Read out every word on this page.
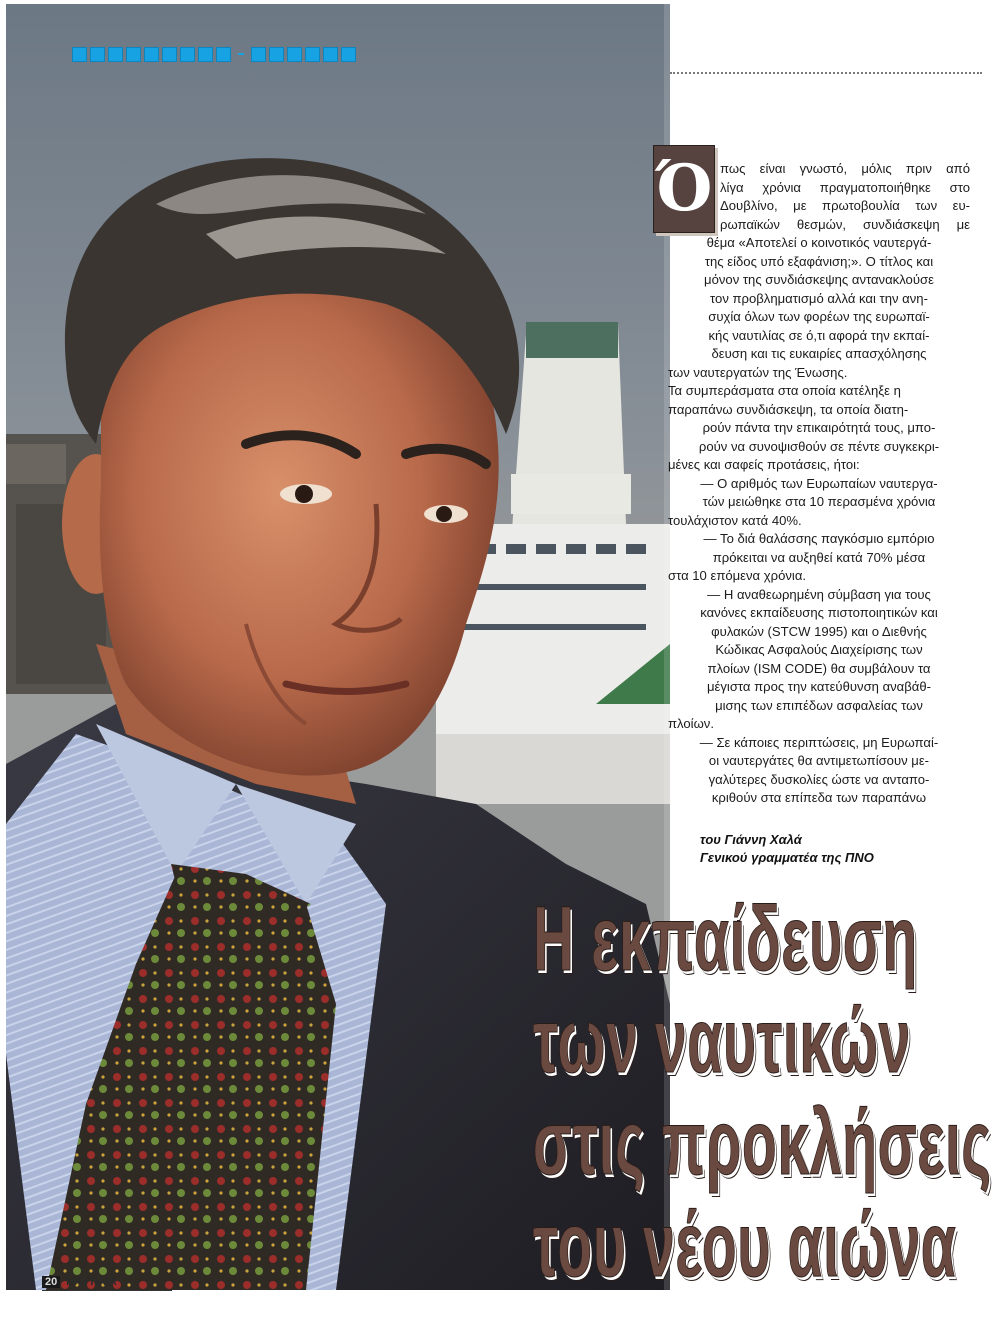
Ό πως είναι γνωστό, μόλις πριν από
λίγα χρόνια πραγματοποιήθηκε στο
Δουβλίνο, με πρωτοβουλία των ευ-
ρωπαϊκών θεσμών, συνδιάσκεψη με
θέμα «Αποτελεί ο κοινοτικός ναυτεργά-
της είδος υπό εξαφάνιση;». Ο τίτλος και
μόνον της συνδιάσκεψης αντανακλούσε
τον προβληματισμό αλλά και την ανη-
συχία όλων των φορέων της ευρωπαϊ-
κής ναυτιλίας σε ό,τι αφορά την εκπαί-
δευση και τις ευκαιρίες απασχόλησης
των ναυτεργατών της Ένωσης.
Τα συμπεράσματα στα οποία κατέληξε η
παραπάνω συνδιάσκεψη, τα οποία διατη-
ρούν πάντα την επικαιρότητά τους, μπο-
ρούν να συνοψισθούν σε πέντε συγκεκρι-
μένες και σαφείς προτάσεις, ήτοι:
— Ο αριθμός των Ευρωπαίων ναυτεργα-
τών μειώθηκε στα 10 περασμένα χρόνια
τουλάχιστον κατά 40%.
— Το διά θαλάσσης παγκόσμιο εμπόριο
πρόκειται να αυξηθεί κατά 70% μέσα
στα 10 επόμενα χρόνια.
— Η αναθεωρημένη σύμβαση για τους
κανόνες εκπαίδευσης πιστοποιητικών και
φυλακών (STCW 1995) και ο Διεθνής
Κώδικας Ασφαλούς Διαχείρισης των
πλοίων (ISM CODE) θα συμβάλουν τα
μέγιστα προς την κατεύθυνση αναβάθ-
μισης των επιπέδων ασφαλείας των
πλοίων.
— Σε κάποιες περιπτώσεις, μη Ευρωπαί-
οι ναυτεργάτες θα αντιμετωπίσουν με-
γαλύτερες δυσκολίες ώστε να ανταπο-
κριθούν στα επίπεδα των παραπάνω
του Γιάννη Χαλά
Γενικού γραμματέα της ΠΝΟ
Η εκπαίδευση
των ναυτικών
στις προκλήσεις
του νέου αιώνα
20 ΝΑΥΤΙΛΙΑ
